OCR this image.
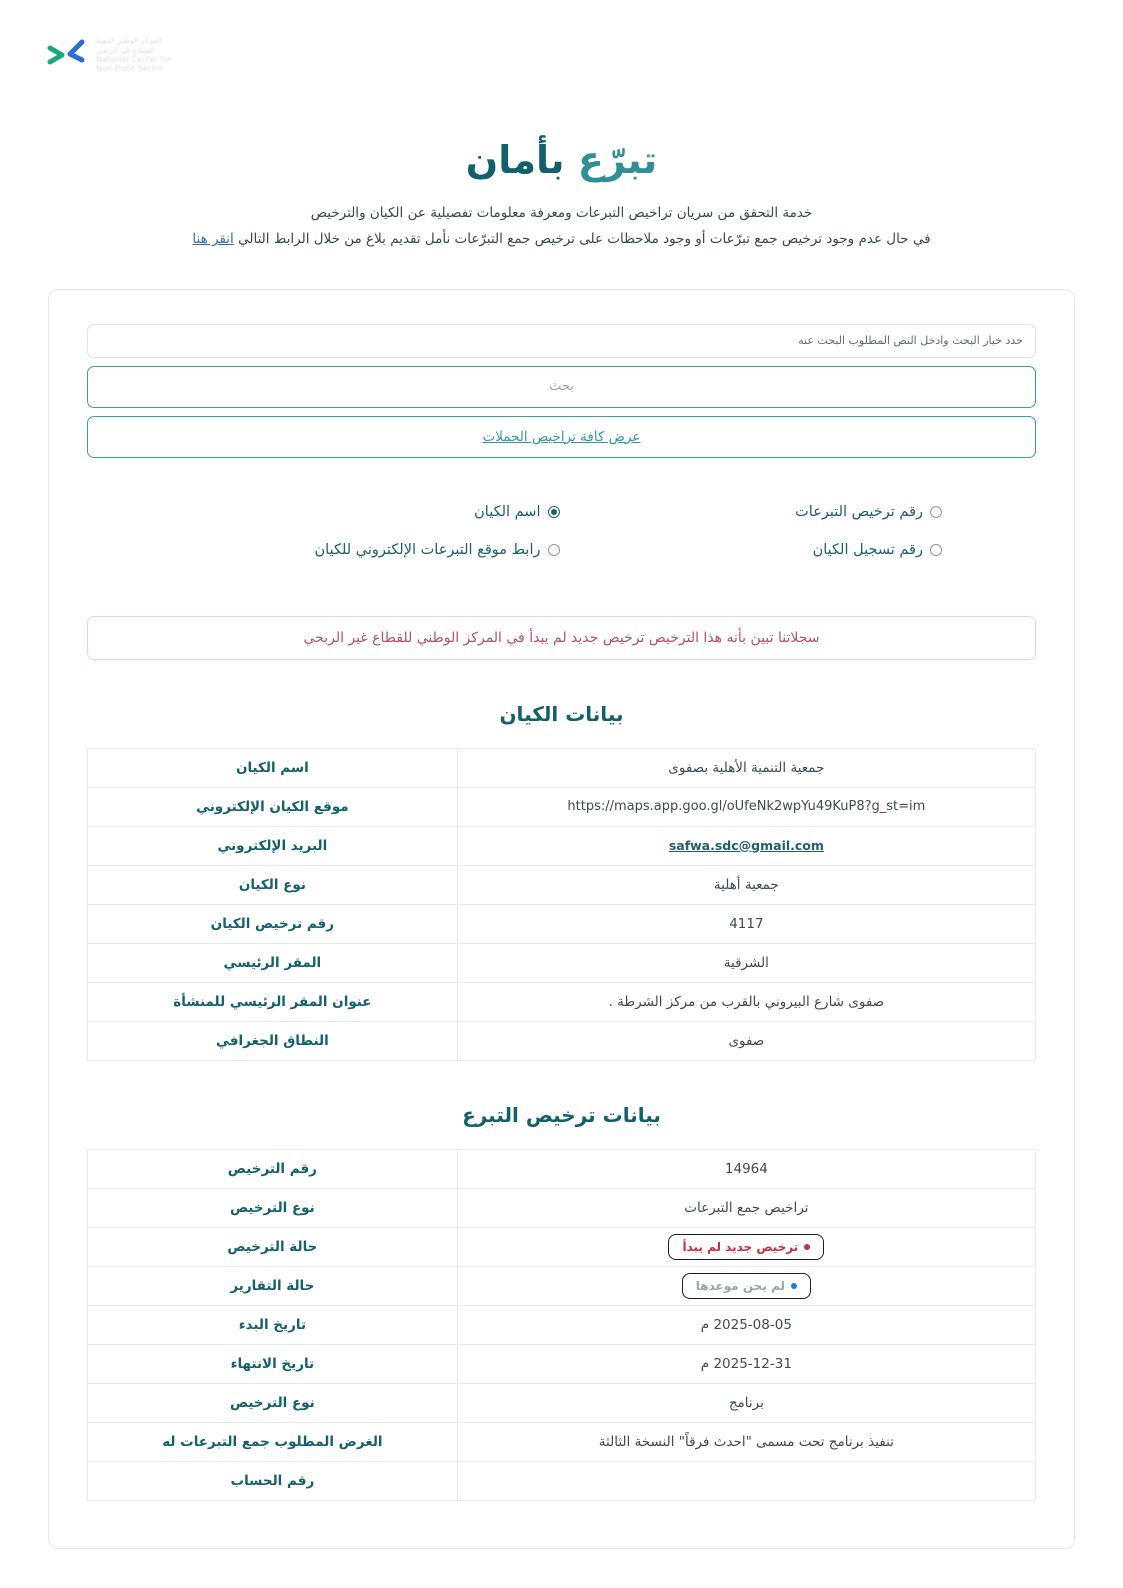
المركز الوطني لتنمية
القطاع غير الربحي
National Center for
Non-Profit Sector
تبرّع بأمان

خدمة التحقق من سريان تراخيص التبرعات ومعرفة معلومات تفصيلية عن الكيان والترخيص
في حال عدم وجود ترخيص جمع تبرّعات أو وجود ملاحظات على ترخيص جمع التبرّعات نأمل تقديم بلاغ من خلال الرابط التالي انقر هنا

حدد خيار البحث وادخل النص المطلوب البحث عنه بحث
عرض كافة تراخيص الحملات
رقم ترخيص التبرعات
اسم الكيان
رقم تسجيل الكيان
رابط موقع التبرعات الإلكتروني للكيان
سجلاتنا تبين بأنه هذا الترخيص ترخيص جديد لم يبدأ في المركز الوطني للقطاع غير الربحي
بيانات الكيان
جمعية التنمية الأهلية بصفوى	اسم الكيان
https://maps.app.goo.gl/oUfeNk2wpYu49KuP8?g_st=im	موقع الكيان الإلكتروني
safwa.sdc@gmail.com	البريد الإلكتروني
جمعية أهلية	نوع الكيان
4117	رقم ترخيص الكيان
الشرقية	المقر الرئيسي
صفوى شارع البيروني بالقرب من مركز الشرطة .	عنوان المقر الرئيسي للمنشأة
صفوى	النطاق الجغرافي
بيانات ترخيص التبرع
14964	رقم الترخيص
تراخيص جمع التبرعات	نوع الترخيص

ترخيص جديد لم يبدأ	حالة الترخيص

لم يحن موعدها	حالة التقارير
2025-08-05 م	تاريخ البدء
2025-12-31 م	تاريخ الانتهاء
برنامج	نوع الترخيص
تنفيذ برنامج تحت مسمى "احدث فرقاً" النسخة الثالثة	الغرض المطلوب جمع التبرعات له
	رقم الحساب
